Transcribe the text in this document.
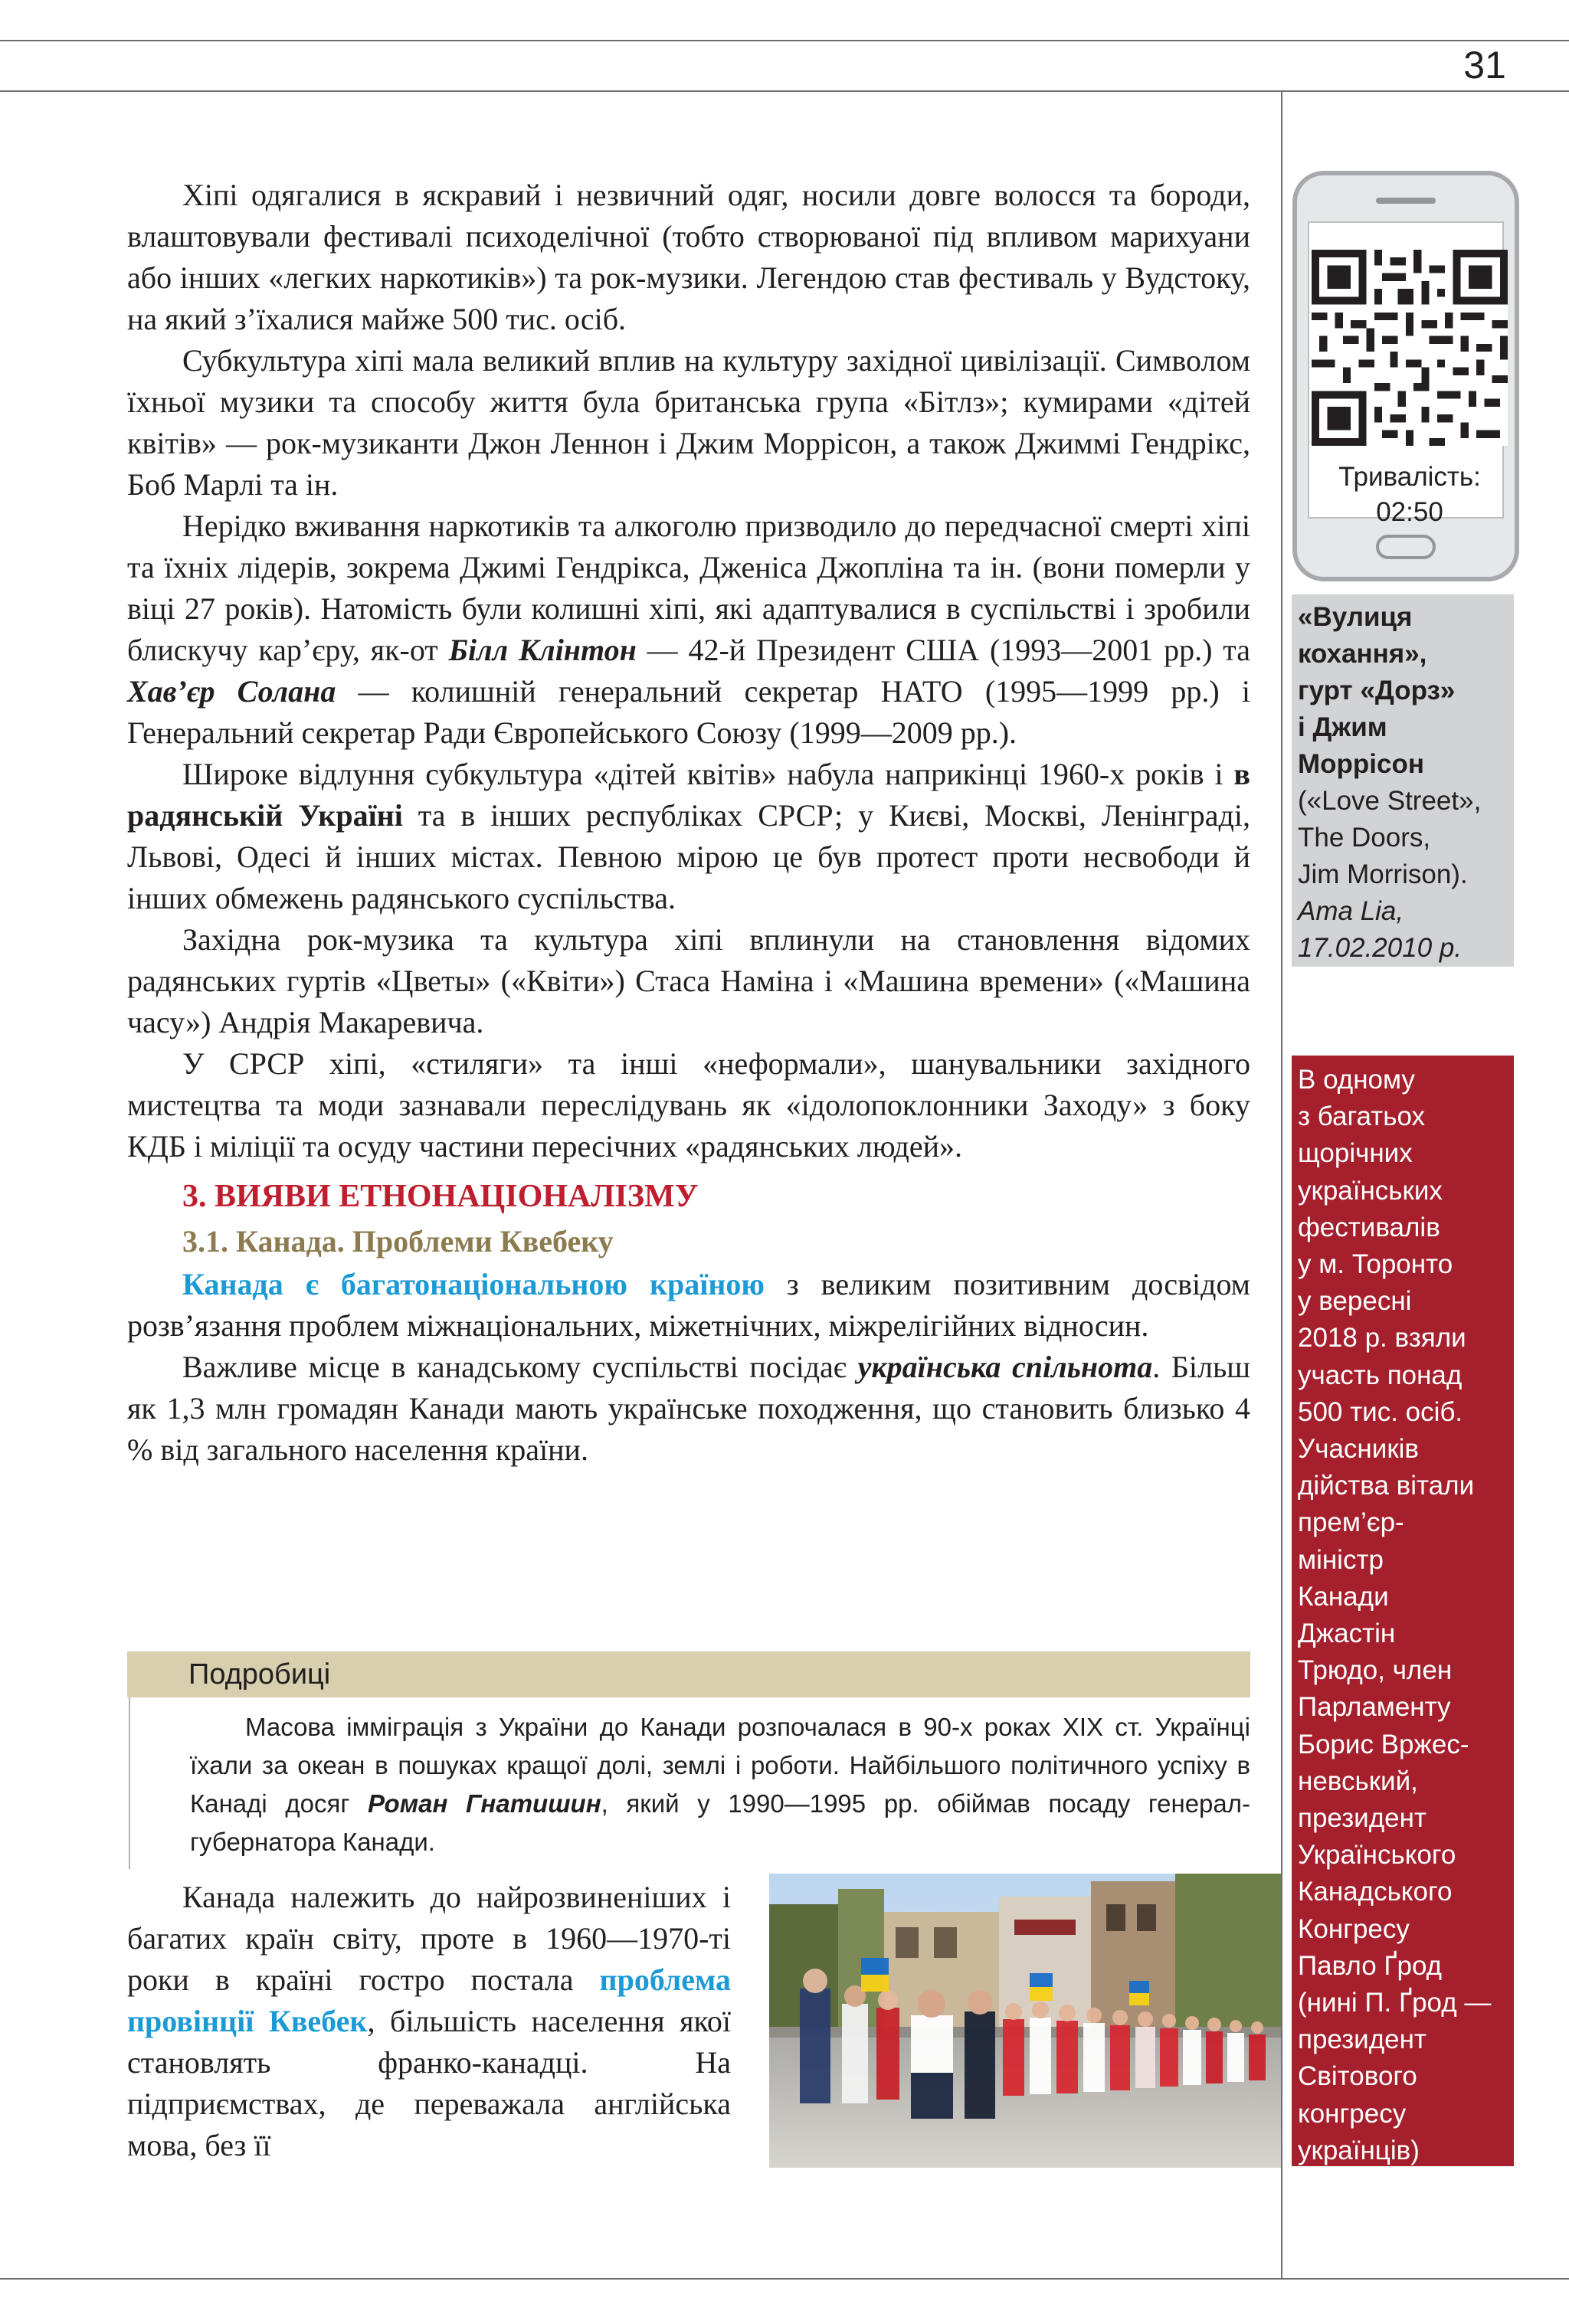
31

Хіпі одягалися в яскравий і незвичний одяг, носили довге волосся та бороди, влаштовували фестивалі психоделічної (тобто створюваної під впливом марихуани або інших «легких наркотиків») та рок-музики. Легендою став фестиваль у Вудстоку, на який з’їхалися майже 500 тис. осіб.

Субкультура хіпі мала великий вплив на культуру західної цивілізації. Символом їхньої музики та способу життя була британська група «Бітлз»; кумирами «дітей квітів» — рок-музиканти Джон Леннон і Джим Моррісон, а також Джиммі Гендрікс, Боб Марлі та ін.

Нерідко вживання наркотиків та алкоголю призводило до передчасної смерті хіпі та їхніх лідерів, зокрема Джимі Гендрікса, Дженіса Джопліна та ін. (вони померли у віці 27 років). Натомість були колишні хіпі, які адаптувалися в суспільстві і зробили блискучу кар’єру, як-от Білл Клінтон — 42-й Президент США (1993—2001 рр.) та Хав’єр Солана — колишній генеральний секретар НАТО (1995—1999 рр.) і Генеральний секретар Ради Європейського Союзу (1999—2009 рр.).

Широке відлуння субкультура «дітей квітів» набула наприкінці 1960-х років і в радянській Україні та в інших республіках СРСР; у Києві, Москві, Ленінграді, Львові, Одесі й інших містах. Певною мірою це був протест проти несвободи й інших обмежень радянського суспільства.

Західна рок-музика та культура хіпі вплинули на становлення відомих радянських гуртів «Цветы» («Квіти») Стаса Наміна і «Машина времени» («Машина часу») Андрія Макаревича.

У СРСР хіпі, «стиляги» та інші «неформали», шанувальники західного мистецтва та моди зазнавали переслідувань як «ідолопоклонники Заходу» з боку КДБ і міліції та осуду частини пересічних «радянських людей».

3. ВИЯВИ ЕТНОНАЦІОНАЛІЗМУ
3.1. Канада. Проблеми Квебеку

Канада є багатонаціональною країною з великим позитивним досвідом розв’язання проблем міжнаціональних, міжетнічних, міжрелігійних відносин.

Важливе місце в канадському суспільстві посідає українська спільнота. Більш як 1,3 млн громадян Канади мають українське походження, що становить близько 4 % від загального населення країни.

Подробиці

Масова імміграція з України до Канади розпочалася в 90-х роках XIX ст. Українці їхали за океан в пошуках кращої долі, землі і роботи. Найбільшого політичного успіху в Канаді досяг Роман Гнатишин, який у 1990—1995 рр. обіймав посаду генерал-губернатора Канади.

Канада належить до найрозвиненіших і багатих країн світу, проте в 1960—1970-ті роки в країні гостро постала проблема провінції Квебек, більшість населення якої становлять франко-канадці. На підприємствах, де переважала англійська мова, без її

Тривалість:
02:50
«Вулиця
кохання»,
гурт «Дорз»
і Джим
Моррісон
(«Love Street»,
The Doors,
Jim Morrison).
Ama Lia,
17.02.2010 р.
В одному
з багатьох
щорічних
українських
фестивалів
у м. Торонто
у вересні
2018 р. взяли
участь понад
500 тис. осіб.
Учасників
дійства вітали
прем’єр-
міністр
Канади
Джастін
Трюдо, член
Парламенту
Борис Вржес-
невський,
президент
Українського
Канадського
Конгресу
Павло Ґрод
(нині П. Ґрод —
президент
Світового
конгресу
українців)
